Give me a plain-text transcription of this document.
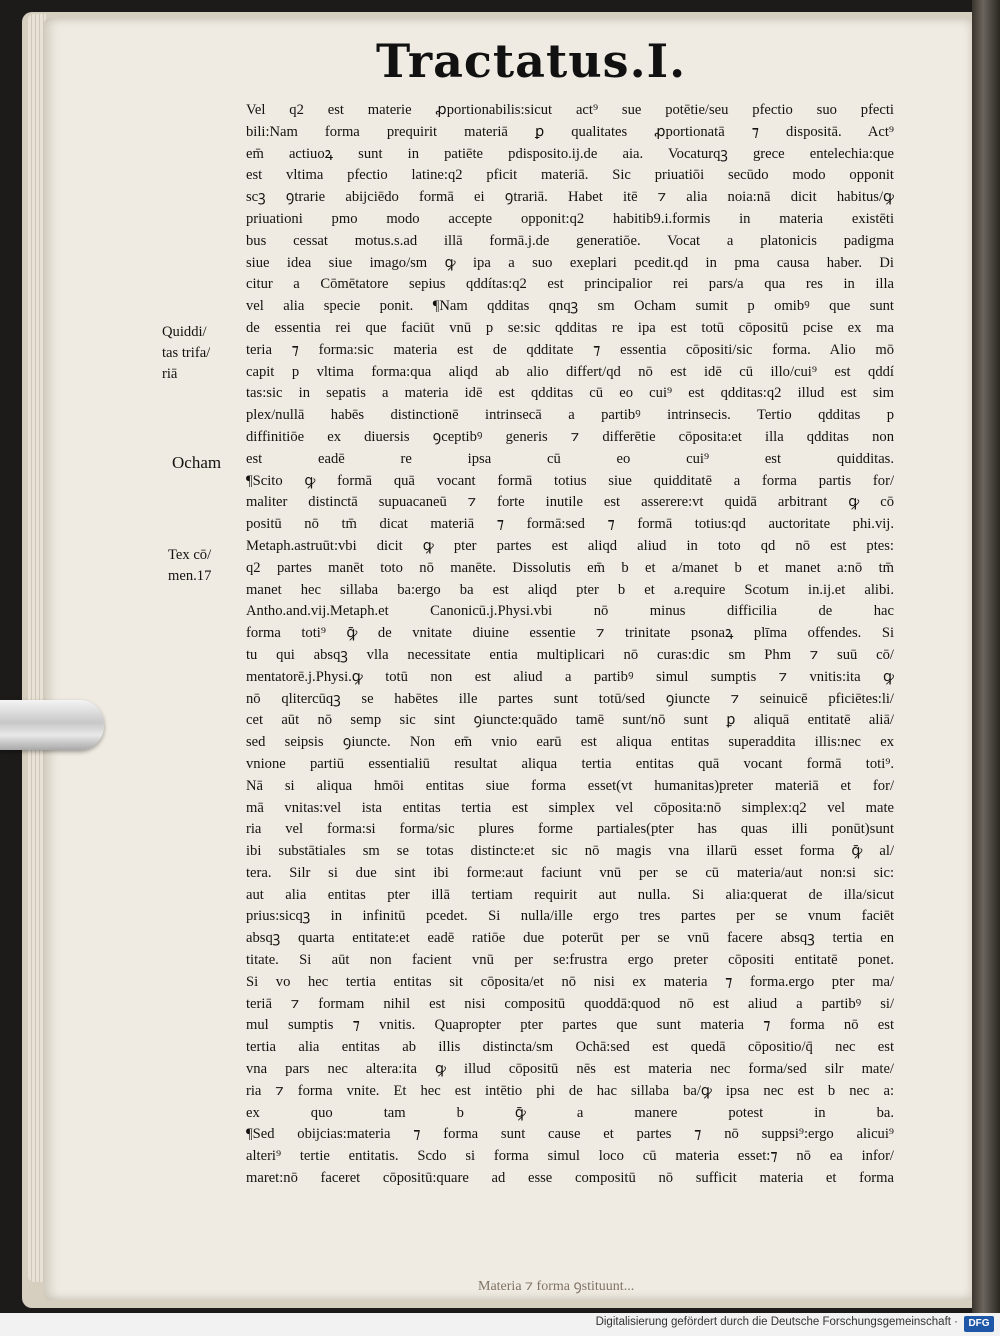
Tractatus.I.
Vel q2 est materie ꝓportionabilis:sicut act⁹ sue potētie/seu pfectio suo pfecti
bili:Nam forma prequirit materiā ꝑ qualitates ꝓportionatā ⁊ dispositā. Act⁹
em̄ actiuoꝝ sunt in patiēte pdisposito.ij.de aia. Vocaturqꝫ grece entelechia:que
est vltima pfectio latine:q2 pficit materiā. Sic priuatiōi secūdo modo opponit
scꝫ ꝯtrarie abijciēdo formā ei ꝯtrariā. Habet itē ⁊ alia noia:nā dicit habitus/ꝙ
priuationi pmo modo accepte opponit:q2 habitib9.i.formis in materia existēti
bus cessat motus.s.ad illā formā.j.de generatiōe. Vocat a platonicis padigma
siue idea siue imago/sm ꝙ ipa a suo exeplari pcedit.qd in pma causa haber. Di
citur a Cōmētatore sepius qddítas:q2 est principalior rei pars/a qua res in illa
vel alia specie ponit. ¶Nam qdditas qnqꝫ sm Ocham sumit p omibꝰ que sunt
de essentia rei que faciūt vnū p se:sic qdditas re ipa est totū cōpositū pcise ex ma
teria ⁊ forma:sic materia est de qdditate ⁊ essentia cōpositi/sic forma. Alio mō
capit p vltima forma:qua aliqd ab alio differt/qd nō est idē cū illo/cui⁹ est qddí
tas:sic in sepatis a materia idē est qdditas cū eo cui⁹ est qdditas:q2 illud est sim
plex/nullā habēs distinctionē intrinsecā a partibꝰ intrinsecis. Tertio qdditas p
diffinitiōe ex diuersis ꝯceptibꝰ generis ⁊ differētie cōposita:et illa qdditas non
est eadē re ipsa cū eo cui⁹ est quidditas.
¶Scito ꝙ formā quā vocant formā totius siue quidditatē a forma partis for/
maliter distinctā supuacaneū ⁊ forte inutile est asserere:vt quidā arbitrant ꝙ cō
positū nō tm̄ dicat materiā ⁊ formā:sed ⁊ formā totius:qd auctoritate phi.vij.
Metaph.astruūt:vbi dicit ꝙ pter partes est aliqd aliud in toto qd nō est ptes:
q2 partes manēt toto nō manēte. Dissolutis em̄ b et a/manet b et manet a:nō tm̄
manet hec sillaba ba:ergo ba est aliqd pter b et a.require Scotum in.ij.et alibi.
Antho.and.vij.Metaph.et Canonicū.j.Physi.vbi nō minus difficilia de hac
forma toti⁹ ꝙ̄ de vnitate diuine essentie ⁊ trinitate psonaꝝ plīma offendes. Si
tu qui absqꝫ vlla necessitate entia multiplicari nō curas:dic sm Phm ⁊ suū cō/
mentatorē.j.Physi.ꝙ totū non est aliud a partibꝰ simul sumptis ⁊ vnitis:ita ꝙ
nō qlitercūqꝫ se habētes ille partes sunt totū/sed ꝯiuncte ⁊ seinuicē pficiētes:li/
cet aūt nō semp sic sint ꝯiuncte:quādo tamē sunt/nō sunt ꝑ aliquā entitatē aliā/
sed seipsis ꝯiuncte. Non em̄ vnio earū est aliqua entitas superaddita illis:nec ex
vnione partiū essentialiū resultat aliqua tertia entitas quā vocant formā toti⁹.
Nā si aliqua hmōi entitas siue forma esset(vt humanitas)preter materiā et for/
mā vnitas:vel ista entitas tertia est simplex vel cōposita:nō simplex:q2 vel mate
ria vel forma:si forma/sic plures forme partiales(pter has quas illi ponūt)sunt
ibi substātiales sm se totas distincte:et sic nō magis vna illarū esset forma ꝙ̄ al/
tera. Silr si due sint ibi forme:aut faciunt vnū per se cū materia/aut non:si sic:
aut alia entitas pter illā tertiam requirit aut nulla. Si alia:querat de illa/sicut
prius:sicqꝫ in infinitū pcedet. Si nulla/ille ergo tres partes per se vnum faciēt
absqꝫ quarta entitate:et eadē ratiōe due poterūt per se vnū facere absqꝫ tertia en
titate. Si aūt non facient vnū per se:frustra ergo preter cōpositi entitatē ponet.
Si vo hec tertia entitas sit cōposita/et nō nisi ex materia ⁊ forma.ergo pter ma/
teriā ⁊ formam nihil est nisi compositū quoddā:quod nō est aliud a partibꝰ si/
mul sumptis ⁊ vnitis. Quapropter pter partes que sunt materia ⁊ forma nō est
tertia alia entitas ab illis distincta/sm Ochā:sed est quedā cōpositio/q̄ nec est
vna pars nec altera:ita ꝙ illud cōpositū nēs est materia nec forma/sed silr mate/
ria ⁊ forma vnite. Et hec est intētio phi de hac sillaba ba/ꝙ ipsa nec est b nec a:
ex quo tam b ꝙ̄ a manere potest in ba.
¶Sed obijcias:materia ⁊ forma sunt cause et partes ⁊ nō suppsi⁹:ergo alicui⁹
alteri⁹ tertie entitatis. Scdo si forma simul loco cū materia esset:⁊ nō ea infor/
maret:nō faceret cōpositū:quare ad esse compositū nō sufficit materia et forma
Quiddi/
tas trifa/
riā
Ocham
Tex cō/
men.17
Materia ⁊ forma ꝯstituunt...
Digitalisierung gefördert durch die Deutsche Forschungsgemeinschaft ·	DFG
